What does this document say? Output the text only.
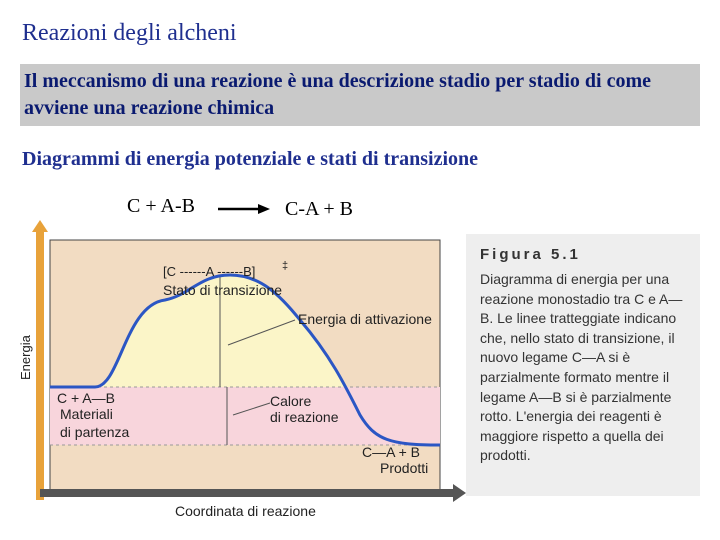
Reazioni degli alcheni
Il meccanismo di una reazione è una descrizione stadio per stadio di come avviene una reazione chimica
Diagrammi di energia potenziale e stati di transizione
C + A-B → C-A + B
Energia
Coordinata di reazione
[C ------A ------B] ‡
Stato di transizione
Energia di attivazione
C + A—B
Materiali
di partenza
Calore
di reazione
C—A + B
Prodotti
Figura 5.1
Diagramma di energia per una reazione monostadio tra C e A—B. Le linee tratteggiate indicano che, nello stato di transizione, il nuovo legame C—A si è parzialmente formato mentre il legame A—B si è parzialmente rotto. L'energia dei reagenti è maggiore rispetto a quella dei prodotti.
